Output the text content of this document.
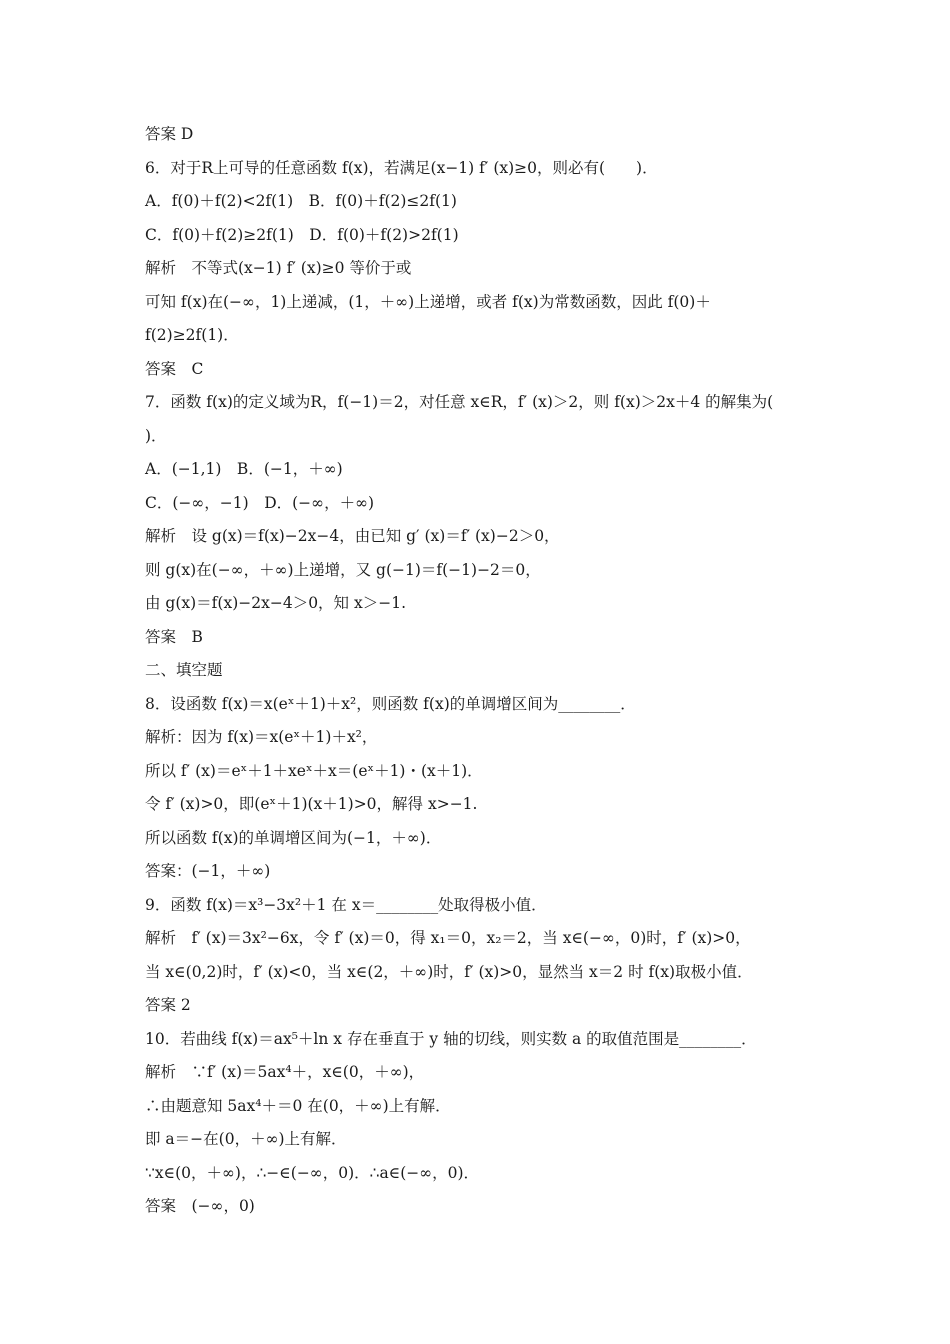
答案 D
6．对于R上可导的任意函数 f(x)，若满足(x−1) f′ (x)≥0，则必有(　　)．
A．f(0)＋f(2)<2f(1)　B．f(0)＋f(2)≤2f(1)
C．f(0)＋f(2)≥2f(1)　D．f(0)＋f(2)>2f(1)
解析　不等式(x−1) f′ (x)≥0 等价于或
可知 f(x)在(−∞，1)上递减，(1，＋∞)上递增，或者 f(x)为常数函数，因此 f(0)＋
f(2)≥2f(1)．
答案　C
7．函数 f(x)的定义域为R，f(−1)＝2，对任意 x∈R，f′ (x)＞2，则 f(x)＞2x＋4 的解集为(
)．
A．(−1,1)　B．(−1，＋∞)
C．(−∞，−1)　D．(−∞，＋∞)
解析　设 g(x)＝f(x)−2x−4，由已知 g′ (x)＝f′ (x)−2＞0，
则 g(x)在(−∞，＋∞)上递增，又 g(−1)＝f(−1)−2＝0，
由 g(x)＝f(x)−2x−4＞0，知 x＞−1.
答案　B
二、填空题
8．设函数 f(x)＝x(eˣ＋1)＋x²，则函数 f(x)的单调增区间为________．
解析：因为 f(x)＝x(eˣ＋1)＋x²，
所以 f′ (x)＝eˣ＋1＋xeˣ＋x＝(eˣ＋1)・(x＋1)．
令 f′ (x)>0，即(eˣ＋1)(x＋1)>0，解得 x>−1.
所以函数 f(x)的单调增区间为(−1，＋∞)．
答案：(−1，＋∞)
9．函数 f(x)＝x³−3x²＋1 在 x＝________处取得极小值．
解析　f′ (x)＝3x²−6x，令 f′ (x)＝0，得 x₁＝0，x₂＝2，当 x∈(−∞，0)时，f′ (x)>0，
当 x∈(0,2)时，f′ (x)<0，当 x∈(2，＋∞)时，f′ (x)>0，显然当 x＝2 时 f(x)取极小值．
答案 2
10．若曲线 f(x)＝ax⁵＋ln x 存在垂直于 y 轴的切线，则实数 a 的取值范围是________．
解析　∵f′ (x)＝5ax⁴＋，x∈(0，＋∞)，
∴由题意知 5ax⁴＋＝0 在(0，＋∞)上有解．
即 a＝−在(0，＋∞)上有解．
∵x∈(0，＋∞)，∴−∈(−∞，0)．∴a∈(−∞，0)．
答案　(−∞，0)
